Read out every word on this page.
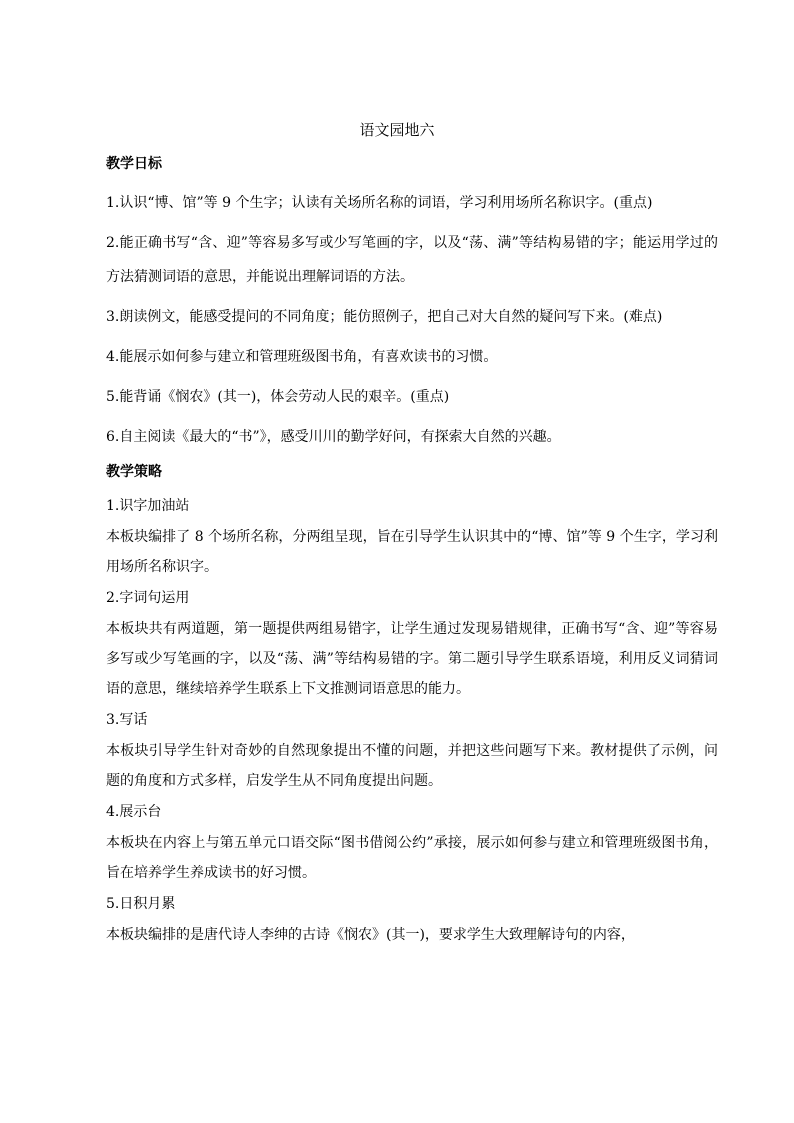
语文园地六
教学日标
1.认识“博、馆”等 9 个生字；认读有关场所名称的词语，学习利用场所名称识字。(重点)
2.能正确书写“含、迎”等容易多写或少写笔画的字，以及“荡、满”等结构易错的字；能运用学过的方法猜测词语的意思，并能说出理解词语的方法。
3.朗读例文，能感受提问的不同角度；能仿照例子，把自己对大自然的疑问写下来。(难点)
4.能展示如何参与建立和管理班级图书角，有喜欢读书的习惯。
5.能背诵《悯农》(其一)，体会劳动人民的艰辛。(重点)
6.自主阅读《最大的“书”》，感受川川的勤学好问，有探索大自然的兴趣。
教学策略
1.识字加油站
本板块编排了 8 个场所名称，分两组呈现，旨在引导学生认识其中的“博、馆”等 9 个生字，学习利用场所名称识字。
2.字词句运用
本板块共有两道题，第一题提供两组易错字，让学生通过发现易错规律，正确书写“含、迎”等容易多写或少写笔画的字，以及“荡、满”等结构易错的字。第二题引导学生联系语境，利用反义词猜词语的意思，继续培养学生联系上下文推测词语意思的能力。
3.写话
本板块引导学生针对奇妙的自然现象提出不懂的问题，并把这些问题写下来。教材提供了示例，问题的角度和方式多样，启发学生从不同角度提出问题。
4.展示台
本板块在内容上与第五单元口语交际“图书借阅公约”承接，展示如何参与建立和管理班级图书角，旨在培养学生养成读书的好习惯。
5.日积月累
本板块编排的是唐代诗人李绅的古诗《悯农》(其一)，要求学生大致理解诗句的内容，
